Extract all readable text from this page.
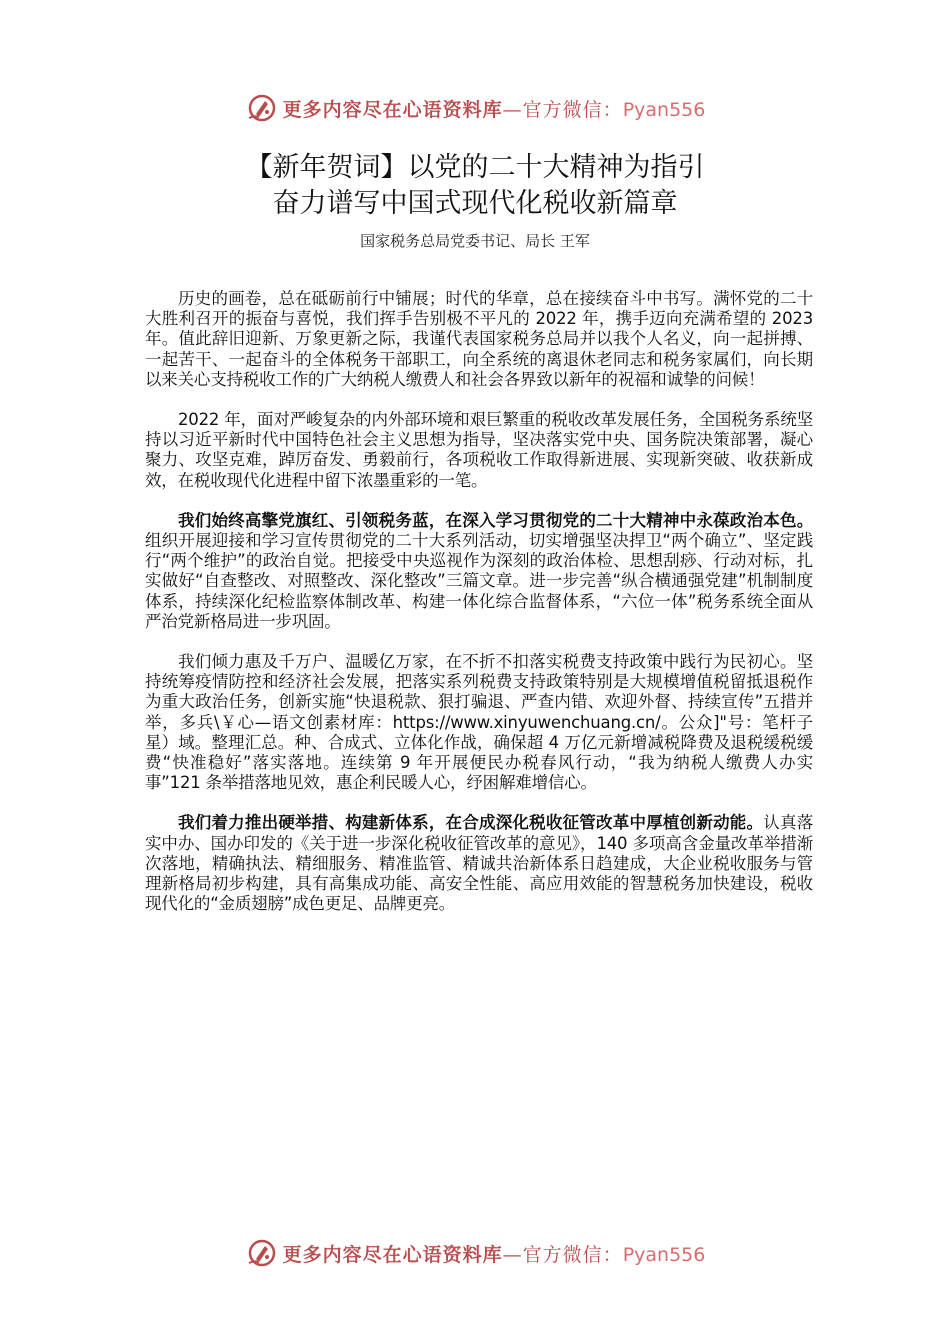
更多内容尽在心语资料库—官方微信：Pyan556
【新年贺词】以党的二十大精神为指引
奋力谱写中国式现代化税收新篇章
国家税务总局党委书记、局长 王军

历史的画卷，总在砥砺前行中铺展；时代的华章，总在接续奋斗中书写。满怀党的二十大胜利召开的振奋与喜悦，我们挥手告别极不平凡的 2022 年，携手迈向充满希望的 2023 年。值此辞旧迎新、万象更新之际，我谨代表国家税务总局并以我个人名义，向一起拼搏、一起苦干、一起奋斗的全体税务干部职工，向全系统的离退休老同志和税务家属们，向长期以来关心支持税收工作的广大纳税人缴费人和社会各界致以新年的祝福和诚挚的问候！

2022 年，面对严峻复杂的内外部环境和艰巨繁重的税收改革发展任务，全国税务系统坚持以习近平新时代中国特色社会主义思想为指导，坚决落实党中央、国务院决策部署，凝心聚力、攻坚克难，踔厉奋发、勇毅前行，各项税收工作取得新进展、实现新突破、收获新成效，在税收现代化进程中留下浓墨重彩的一笔。

我们始终高擎党旗红、引领税务蓝，在深入学习贯彻党的二十大精神中永葆政治本色。组织开展迎接和学习宣传贯彻党的二十大系列活动，切实增强坚决捍卫“两个确立”、坚定践行“两个维护”的政治自觉。把接受中央巡视作为深刻的政治体检、思想刮痧、行动对标，扎实做好“自查整改、对照整改、深化整改”三篇文章。进一步完善“纵合横通强党建”机制制度体系，持续深化纪检监察体制改革、构建一体化综合监督体系，“六位一体”税务系统全面从严治党新格局进一步巩固。

我们倾力惠及千万户、温暖亿万家，在不折不扣落实税费支持政策中践行为民初心。坚持统筹疫情防控和经济社会发展，把落实系列税费支持政策特别是大规模增值税留抵退税作为重大政治任务，创新实施“快退税款、狠打骗退、严查内错、欢迎外督、持续宣传”五措并举，多兵\￥心—语文创素材库：https://www.xinyuwenchuang.cn/。公众]"号：笔杆子星）域。整理汇总。种、合成式、立体化作战，确保超 4 万亿元新增减税降费及退税缓税缓费“快准稳好”落实落地。连续第 9 年开展便民办税春风行动，“我为纳税人缴费人办实事”121 条举措落地见效，惠企利民暖人心，纾困解难增信心。

我们着力推出硬举措、构建新体系，在合成深化税收征管改革中厚植创新动能。认真落实中办、国办印发的《关于进一步深化税收征管改革的意见》，140 多项高含金量改革举措渐次落地，精确执法、精细服务、精准监管、精诚共治新体系日趋建成，大企业税收服务与管理新格局初步构建，具有高集成功能、高安全性能、高应用效能的智慧税务加快建设，税收现代化的“金质翅膀”成色更足、品牌更亮。

更多内容尽在心语资料库—官方微信：Pyan556
